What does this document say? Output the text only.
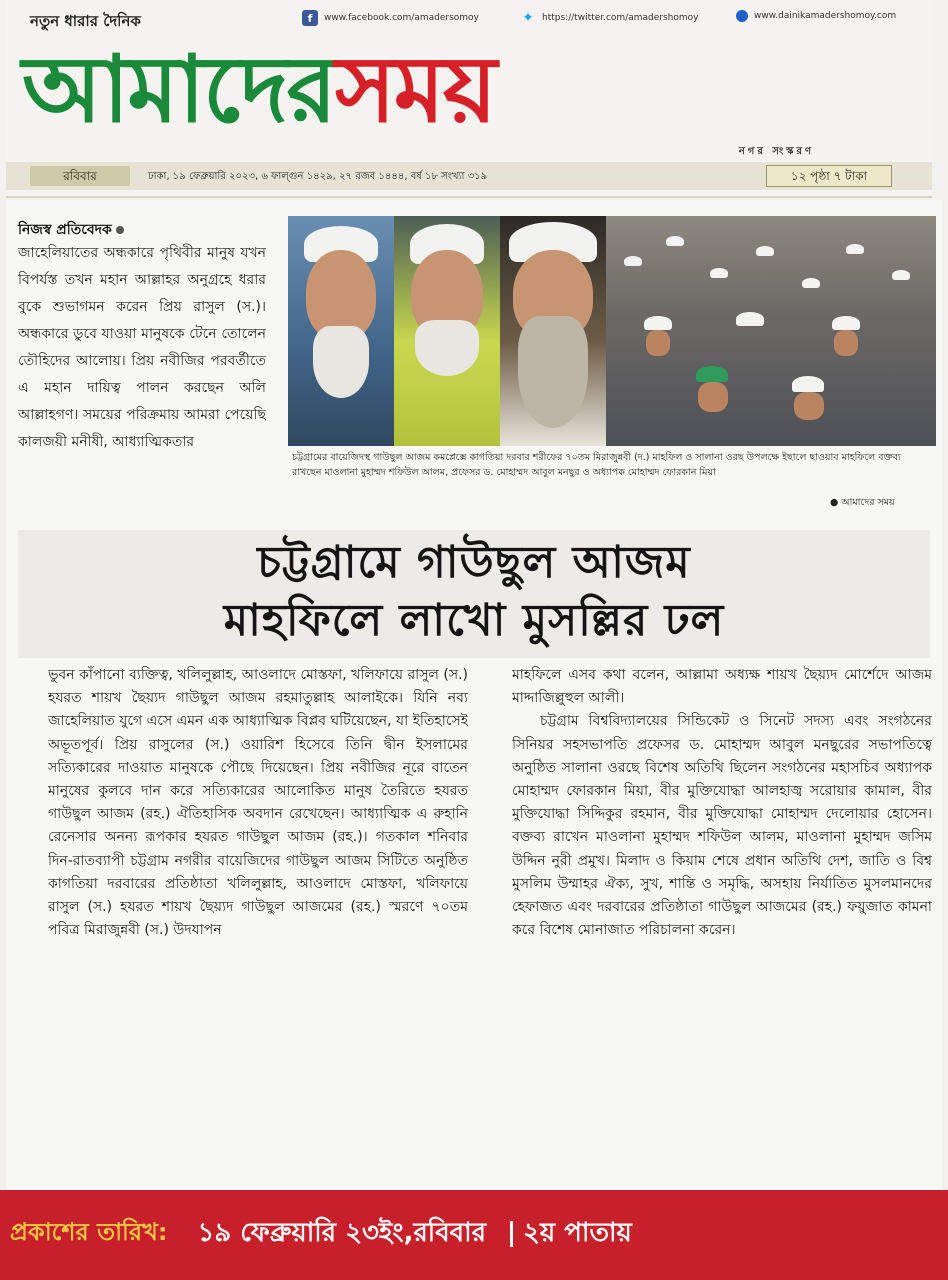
নতুন ধারার দৈনিক	f	www.facebook.com/amadersomoy	✦ https://twitter.com/amadershomoy	www.dainikamadershomoy.com
আমাদেরসময়
নগর সংস্করণ
রবিবার	ঢাকা, ১৯ ফেব্রুয়ারি ২০২৩, ৬ ফাল্গুন ১৪২৯, ২৭ রজব ১৪৪৪, বর্ষ ১৮ সংখ্যা ৩১৯	১২ পৃষ্ঠা ৭ টাকা
নিজস্ব প্রতিবেদক
জাহেলিয়াতের অন্ধকারে পৃথিবীর মানুষ যখন বিপর্যস্ত তখন মহান আল্লাহর অনুগ্রহে ধরার বুকে শুভাগমন করেন প্রিয় রাসুল (স.)। অন্ধকারে ডুবে যাওয়া মানুষকে টেনে তোলেন তৌহিদের আলোয়। প্রিয় নবীজির পরবর্তীতে এ মহান দায়িত্ব পালন করছেন অলি আল্লাহগণ। সময়ের পরিক্রমায় আমরা পেয়েছি কালজয়ী মনীষী, আধ্যাত্মিকতার
চট্টগ্রামের বায়েজিদস্থ গাউছুল আজম কমপ্লেক্সে কাগতিয়া দরবার শরীফের ৭০তম মিরাজুন্নবী (দ.) মাহফিল ও সালানা ওরছ উপলক্ষে ইছালে ছাওয়াব মাহফিলে বক্তব্য রাখছেন মাওলানা মুহাম্মদ শফিউল আলম, প্রফেসর ড. মোহাম্মদ আবুল মনছুর ও অধ্যাপক মোহাম্মদ ফোরকান মিয়া
● আমাদের সময়
চট্টগ্রামে গাউছুল আজম
মাহফিলে লাখো মুসল্লির ঢল

ভুবন কাঁপানো ব্যক্তিত্ব, খলিলুল্লাহ, আওলাদে মোস্তফা, খলিফায়ে রাসুল (স.) হযরত শায়খ ছৈয়্যদ গাউছুল আজম রহমাতুল্লাহ আলাইকে। যিনি নব্য জাহেলিয়াত যুগে এসে এমন এক আধ্যাত্মিক বিপ্লব ঘটিয়েছেন, যা ইতিহাসেই অভূতপূর্ব। প্রিয় রাসুলের (স.) ওয়ারিশ হিসেবে তিনি দ্বীন ইসলামের সত্যিকারের দাওয়াত মানুষকে পৌছে দিয়েছেন। প্রিয় নবীজির নূরে বাতেন মানুষের কুলবে দান করে সত্যিকারের আলোকিত মানুষ তৈরিতে হযরত গাউছুল আজম (রহ.) ঐতিহাসিক অবদান রেখেছেন। আধ্যাত্মিক এ রুহানি রেনেসার অনন্য রূপকার হযরত গাউছুল আজম (রহ.)। গতকাল শনিবার দিন-রাতব্যাপী চট্টগ্রাম নগরীর বায়েজিদের গাউছুল আজম সিটিতে অনুষ্ঠিত কাগতিয়া দরবারের প্রতিষ্ঠাতা খলিলুল্লাহ, আওলাদে মোস্তফা, খলিফায়ে রাসুল (স.) হযরত শায়খ ছৈয়্যদ গাউছুল আজমের (রহ.) স্মরণে ৭০তম পবিত্র মিরাজুন্নবী (স.) উদযাপন

মাহফিলে এসব কথা বলেন, আল্লামা অধ্যক্ষ শায়খ ছৈয়্যদ মোর্শেদে আজম মাদ্দাজিল্লুহুল আলী।

চট্টগ্রাম বিশ্ববিদ্যালয়ের সিন্ডিকেট ও সিনেট সদস্য এবং সংগঠনের সিনিয়র সহসভাপতি প্রফেসর ড. মোহাম্মদ আবুল মনছুরের সভাপতিত্বে অনুষ্ঠিত সালানা ওরছে বিশেষ অতিথি ছিলেন সংগঠনের মহাসচিব অধ্যাপক মোহাম্মদ ফোরকান মিয়া, বীর মুক্তিযোদ্ধা আলহাজ্ব সরোয়ার কামাল, বীর মুক্তিযোদ্ধা সিদ্দিকুর রহমান, বীর মুক্তিযোদ্ধা মোহাম্মদ দেলোয়ার হোসেন। বক্তব্য রাখেন মাওলানা মুহাম্মদ শফিউল আলম, মাওলানা মুহাম্মদ জসিম উদ্দিন নুরী প্রমুখ। মিলাদ ও কিয়াম শেষে প্রধান অতিথি দেশ, জাতি ও বিশ্ব মুসলিম উম্মাহর ঐক্য, সুখ, শান্তি ও সমৃদ্ধি, অসহায় নির্যাতিত মুসলমানদের হেফাজত এবং দরবারের প্রতিষ্ঠাতা গাউছুল আজমের (রহ.) ফয়ুজাত কামনা করে বিশেষ মোনাজাত পরিচালনা করেন।

প্রকাশের তারিখ: ১৯ ফেব্রুয়ারি ২৩ইং,রবিবার ২য় পাতায়
